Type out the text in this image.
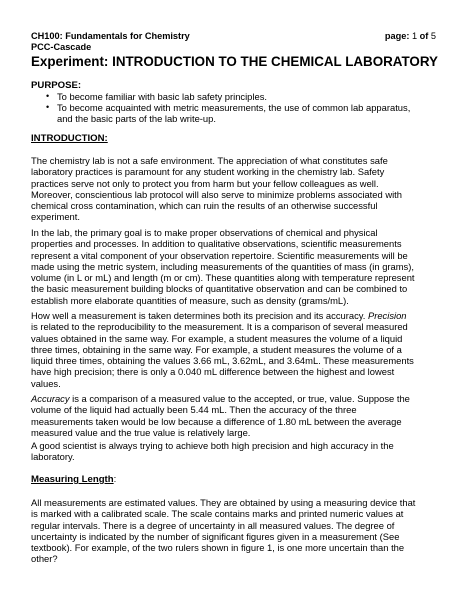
CH100: Fundamentals for Chemistry
PCC-Cascade
page: 1 of 5
Experiment: INTRODUCTION TO THE CHEMICAL LABORATORY
PURPOSE:
• To become familiar with basic lab safety principles.
• To become acquainted with metric measurements, the use of common lab apparatus,
and the basic parts of the lab write-up.
INTRODUCTION:
The chemistry lab is not a safe environment. The appreciation of what constitutes safe
laboratory practices is paramount for any student working in the chemistry lab. Safety
practices serve not only to protect you from harm but your fellow colleagues as well.
Moreover, conscientious lab protocol will also serve to minimize problems associated with
chemical cross contamination, which can ruin the results of an otherwise successful
experiment.
In the lab, the primary goal is to make proper observations of chemical and physical
properties and processes. In addition to qualitative observations, scientific measurements
represent a vital component of your observation repertoire. Scientific measurements will be
made using the metric system, including measurements of the quantities of mass (in grams),
volume (in L or mL) and length (m or cm). These quantities along with temperature represent
the basic measurement building blocks of quantitative observation and can be combined to
establish more elaborate quantities of measure, such as density (grams/mL).
How well a measurement is taken determines both its precision and its accuracy. Precision
is related to the reproducibility to the measurement. It is a comparison of several measured
values obtained in the same way. For example, a student measures the volume of a liquid
three times, obtaining in the same way. For example, a student measures the volume of a
liquid three times, obtaining the values 3.66 mL, 3.62mL, and 3.64mL. These measurements
have high precision; there is only a 0.040 mL difference between the highest and lowest
values.
Accuracy is a comparison of a measured value to the accepted, or true, value. Suppose the
volume of the liquid had actually been 5.44 mL. Then the accuracy of the three
measurements taken would be low because a difference of 1.80 mL between the average
measured value and the true value is relatively large.
A good scientist is always trying to achieve both high precision and high accuracy in the
laboratory.
Measuring Length:
All measurements are estimated values. They are obtained by using a measuring device that
is marked with a calibrated scale. The scale contains marks and printed numeric values at
regular intervals. There is a degree of uncertainty in all measured values. The degree of
uncertainty is indicated by the number of significant figures given in a measurement (See
textbook). For example, of the two rulers shown in figure 1, is one more uncertain than the
other?
